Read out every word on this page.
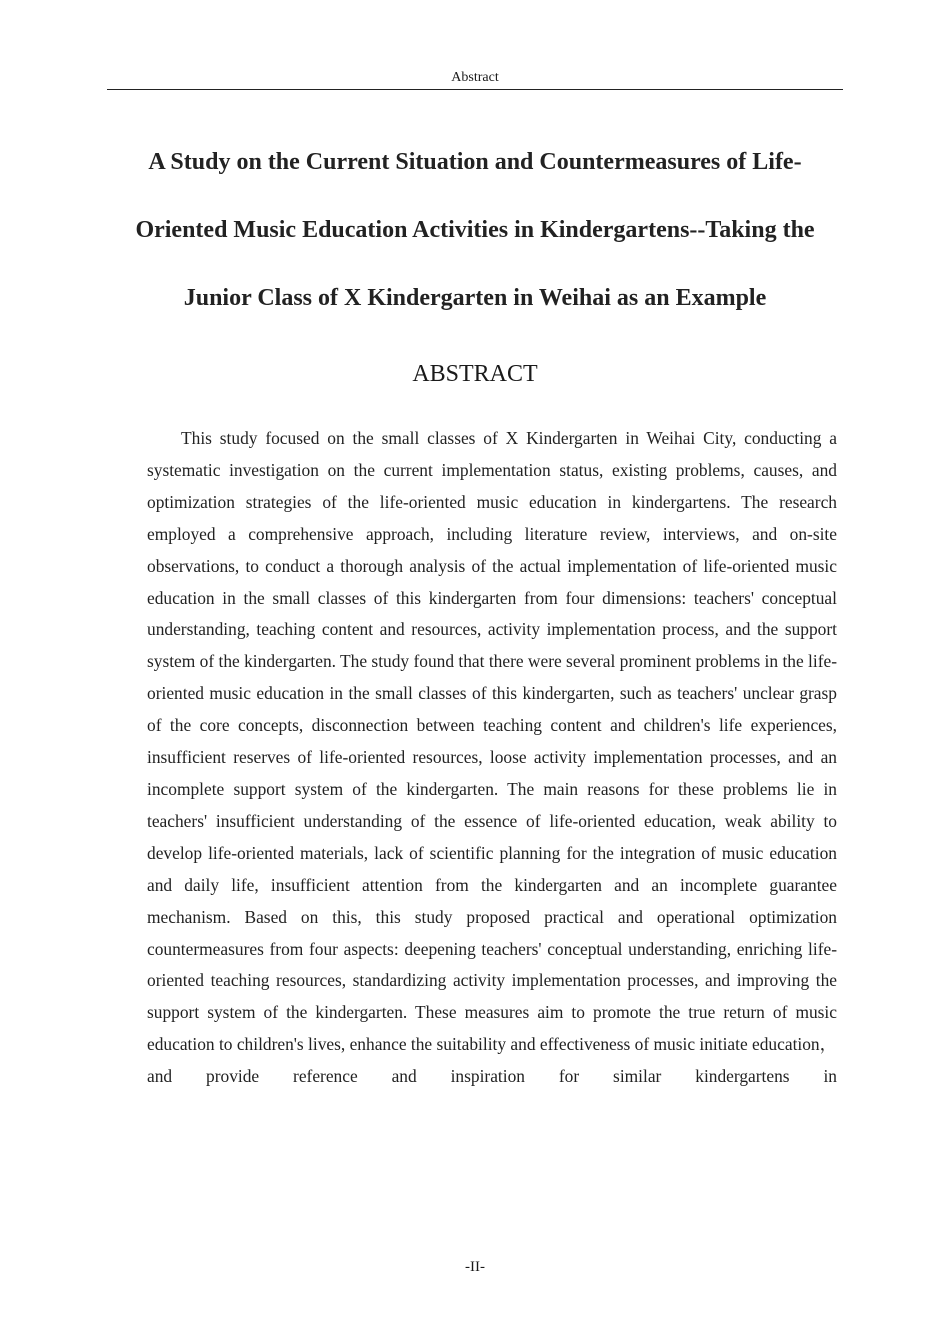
Abstract
A Study on the Current Situation and Countermeasures of Life-
Oriented Music Education Activities in Kindergartens--Taking the
Junior Class of X Kindergarten in Weihai as an Example
ABSTRACT

This study focused on the small classes of X Kindergarten in Weihai City, conducting a systematic investigation on the current implementation status, existing problems, causes, and optimization strategies of the life-oriented music education in kindergartens. The research employed a comprehensive approach, including literature review, interviews, and on-site observations, to conduct a thorough analysis of the actual implementation of life-oriented music education in the small classes of this kindergarten from four dimensions: teachers' conceptual understanding, teaching content and resources, activity implementation process, and the support system of the kindergarten. The study found that there were several prominent problems in the life-oriented music education in the small classes of this kindergarten, such as teachers' unclear grasp of the core concepts, disconnection between teaching content and children's life experiences, insufficient reserves of life-oriented resources, loose activity implementation processes, and an incomplete support system of the kindergarten. The main reasons for these problems lie in teachers' insufficient understanding of the essence of life-oriented education, weak ability to develop life-oriented materials, lack of scientific planning for the integration of music education and daily life, insufficient attention from the kindergarten and an incomplete guarantee mechanism. Based on this, this study proposed practical and operational optimization countermeasures from four aspects: deepening teachers' conceptual understanding, enriching life-oriented teaching resources, standardizing activity implementation processes, and improving the support system of the kindergarten. These measures aim to promote the true return of music education to children's lives, enhance the suitability and effectiveness of music initiate education， and provide reference and inspiration for similar kindergartens in

-II-
